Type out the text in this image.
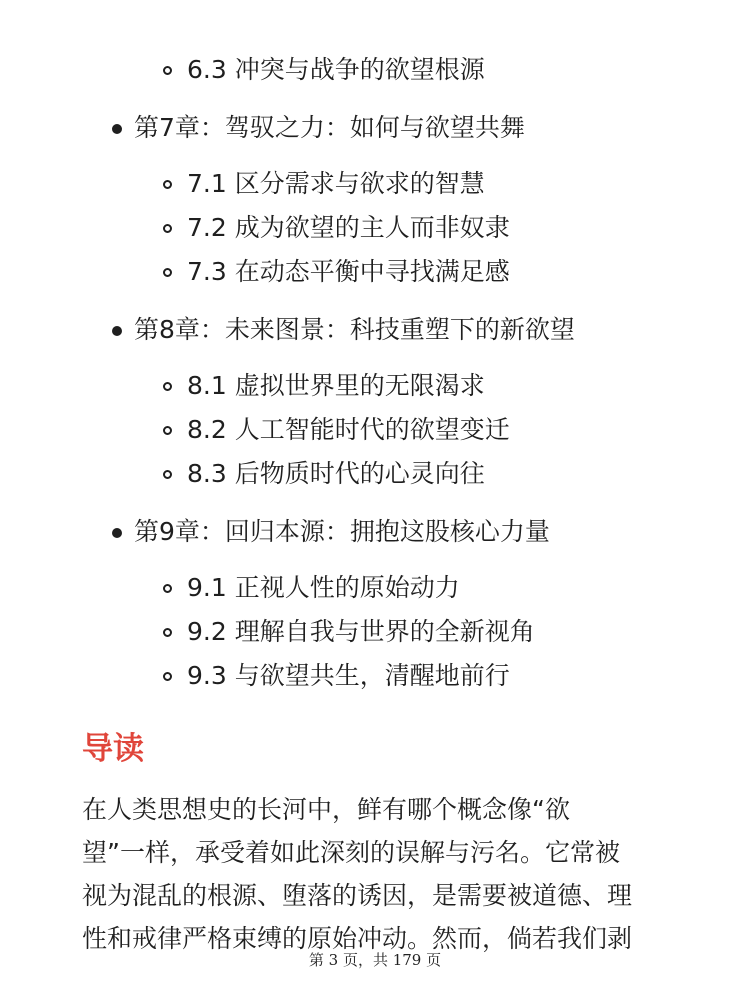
6.3 冲突与战争的欲望根源
第7章：驾驭之力：如何与欲望共舞
7.1 区分需求与欲求的智慧
7.2 成为欲望的主人而非奴隶
7.3 在动态平衡中寻找满足感
第8章：未来图景：科技重塑下的新欲望
8.1 虚拟世界里的无限渴求
8.2 人工智能时代的欲望变迁
8.3 后物质时代的心灵向往
第9章：回归本源：拥抱这股核心力量
9.1 正视人性的原始动力
9.2 理解自我与世界的全新视角
9.3 与欲望共生，清醒地前行
导读
在人类思想史的长河中，鲜有哪个概念像“欲
望”一样，承受着如此深刻的误解与污名。它常被
视为混乱的根源、堕落的诱因，是需要被道德、理
性和戒律严格束缚的原始冲动。然而，倘若我们剥
第 3 页，共 179 页
